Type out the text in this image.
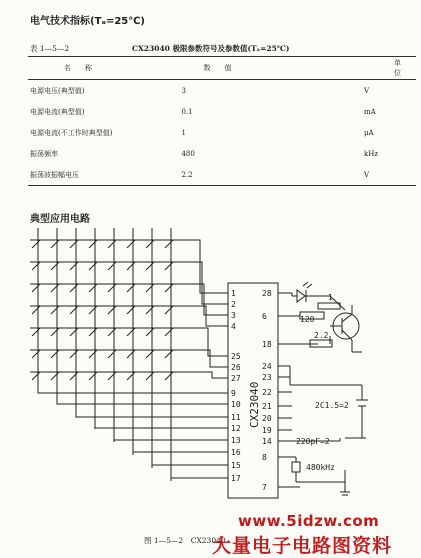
电气技术指标(Tₐ=25℃)
表 1—5—2	CX23040 极限参数符号及参数值(Tₐ=25℃)
名　　称	数　　值	单　　位
电源电压(典型值)	3	V
电源电流(典型值)	0.1	mA
电源电流(不工作时典型值)	1	μA
振荡频率	480	kHz
振荡波振幅电压	2.2	V
典型应用电路
CX23040
1
2
3
4
25
26
27
9
10
11
12
13
16
15
17
28
6
18
24
23
22
21
20
19
14
8
7
1
120
2.2
2C1.5=2
220pF=2
480kHz
图 1—5—2　CX23040
www.5idzw.com
大量电子电路图资料
